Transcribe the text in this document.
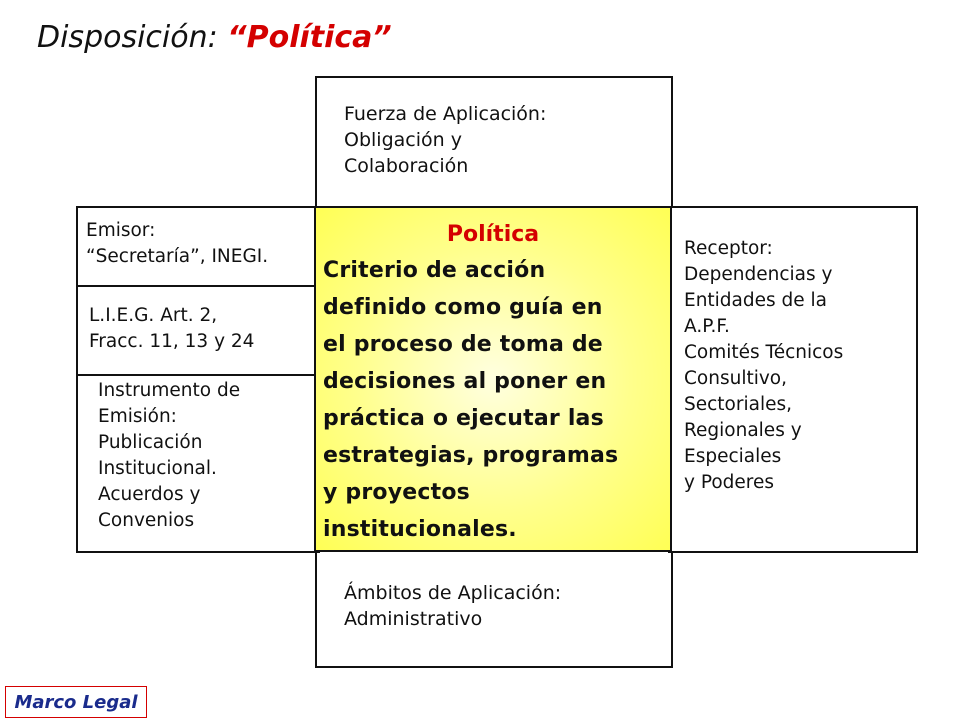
Disposición: “Política”
Fuerza de Aplicación:
Obligación y
Colaboración
Emisor:
“Secretaría”, INEGI.
L.I.E.G. Art. 2,
Fracc. 11, 13 y 24
Instrumento de
Emisión:
Publicación
Institucional.
Acuerdos y
Convenios
Receptor:
Dependencias y
Entidades de la
A.P.F.
Comités Técnicos
Consultivo,
Sectoriales,
Regionales y
Especiales
y Poderes
Ámbitos de Aplicación:
Administrativo
Política
Criterio de acción
definido como guía en
el proceso de toma de
decisiones al poner en
práctica o ejecutar las
estrategias, programas
y proyectos
institucionales.
Marco Legal
